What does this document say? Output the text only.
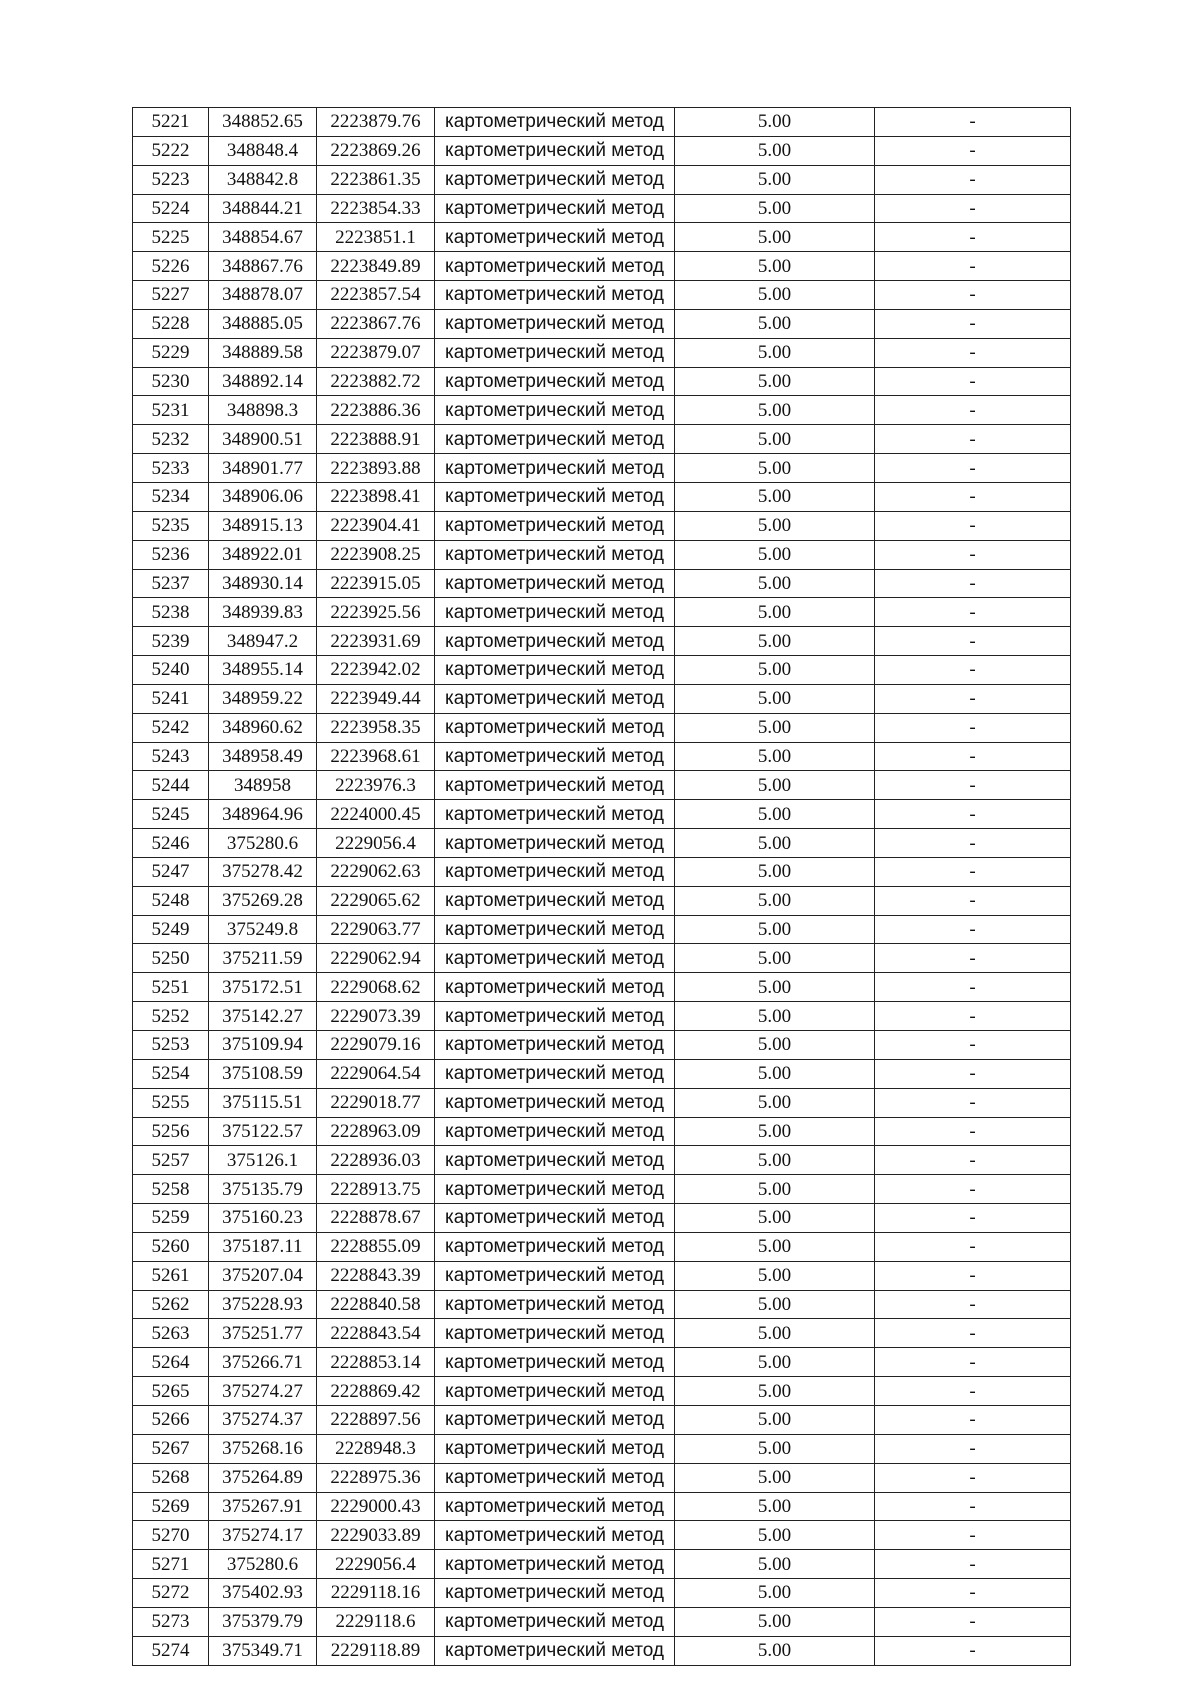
5221	348852.65	2223879.76	картометрический метод	5.00	-
5222	348848.4	2223869.26	картометрический метод	5.00	-
5223	348842.8	2223861.35	картометрический метод	5.00	-
5224	348844.21	2223854.33	картометрический метод	5.00	-
5225	348854.67	2223851.1	картометрический метод	5.00	-
5226	348867.76	2223849.89	картометрический метод	5.00	-
5227	348878.07	2223857.54	картометрический метод	5.00	-
5228	348885.05	2223867.76	картометрический метод	5.00	-
5229	348889.58	2223879.07	картометрический метод	5.00	-
5230	348892.14	2223882.72	картометрический метод	5.00	-
5231	348898.3	2223886.36	картометрический метод	5.00	-
5232	348900.51	2223888.91	картометрический метод	5.00	-
5233	348901.77	2223893.88	картометрический метод	5.00	-
5234	348906.06	2223898.41	картометрический метод	5.00	-
5235	348915.13	2223904.41	картометрический метод	5.00	-
5236	348922.01	2223908.25	картометрический метод	5.00	-
5237	348930.14	2223915.05	картометрический метод	5.00	-
5238	348939.83	2223925.56	картометрический метод	5.00	-
5239	348947.2	2223931.69	картометрический метод	5.00	-
5240	348955.14	2223942.02	картометрический метод	5.00	-
5241	348959.22	2223949.44	картометрический метод	5.00	-
5242	348960.62	2223958.35	картометрический метод	5.00	-
5243	348958.49	2223968.61	картометрический метод	5.00	-
5244	348958	2223976.3	картометрический метод	5.00	-
5245	348964.96	2224000.45	картометрический метод	5.00	-
5246	375280.6	2229056.4	картометрический метод	5.00	-
5247	375278.42	2229062.63	картометрический метод	5.00	-
5248	375269.28	2229065.62	картометрический метод	5.00	-
5249	375249.8	2229063.77	картометрический метод	5.00	-
5250	375211.59	2229062.94	картометрический метод	5.00	-
5251	375172.51	2229068.62	картометрический метод	5.00	-
5252	375142.27	2229073.39	картометрический метод	5.00	-
5253	375109.94	2229079.16	картометрический метод	5.00	-
5254	375108.59	2229064.54	картометрический метод	5.00	-
5255	375115.51	2229018.77	картометрический метод	5.00	-
5256	375122.57	2228963.09	картометрический метод	5.00	-
5257	375126.1	2228936.03	картометрический метод	5.00	-
5258	375135.79	2228913.75	картометрический метод	5.00	-
5259	375160.23	2228878.67	картометрический метод	5.00	-
5260	375187.11	2228855.09	картометрический метод	5.00	-
5261	375207.04	2228843.39	картометрический метод	5.00	-
5262	375228.93	2228840.58	картометрический метод	5.00	-
5263	375251.77	2228843.54	картометрический метод	5.00	-
5264	375266.71	2228853.14	картометрический метод	5.00	-
5265	375274.27	2228869.42	картометрический метод	5.00	-
5266	375274.37	2228897.56	картометрический метод	5.00	-
5267	375268.16	2228948.3	картометрический метод	5.00	-
5268	375264.89	2228975.36	картометрический метод	5.00	-
5269	375267.91	2229000.43	картометрический метод	5.00	-
5270	375274.17	2229033.89	картометрический метод	5.00	-
5271	375280.6	2229056.4	картометрический метод	5.00	-
5272	375402.93	2229118.16	картометрический метод	5.00	-
5273	375379.79	2229118.6	картометрический метод	5.00	-
5274	375349.71	2229118.89	картометрический метод	5.00	-
